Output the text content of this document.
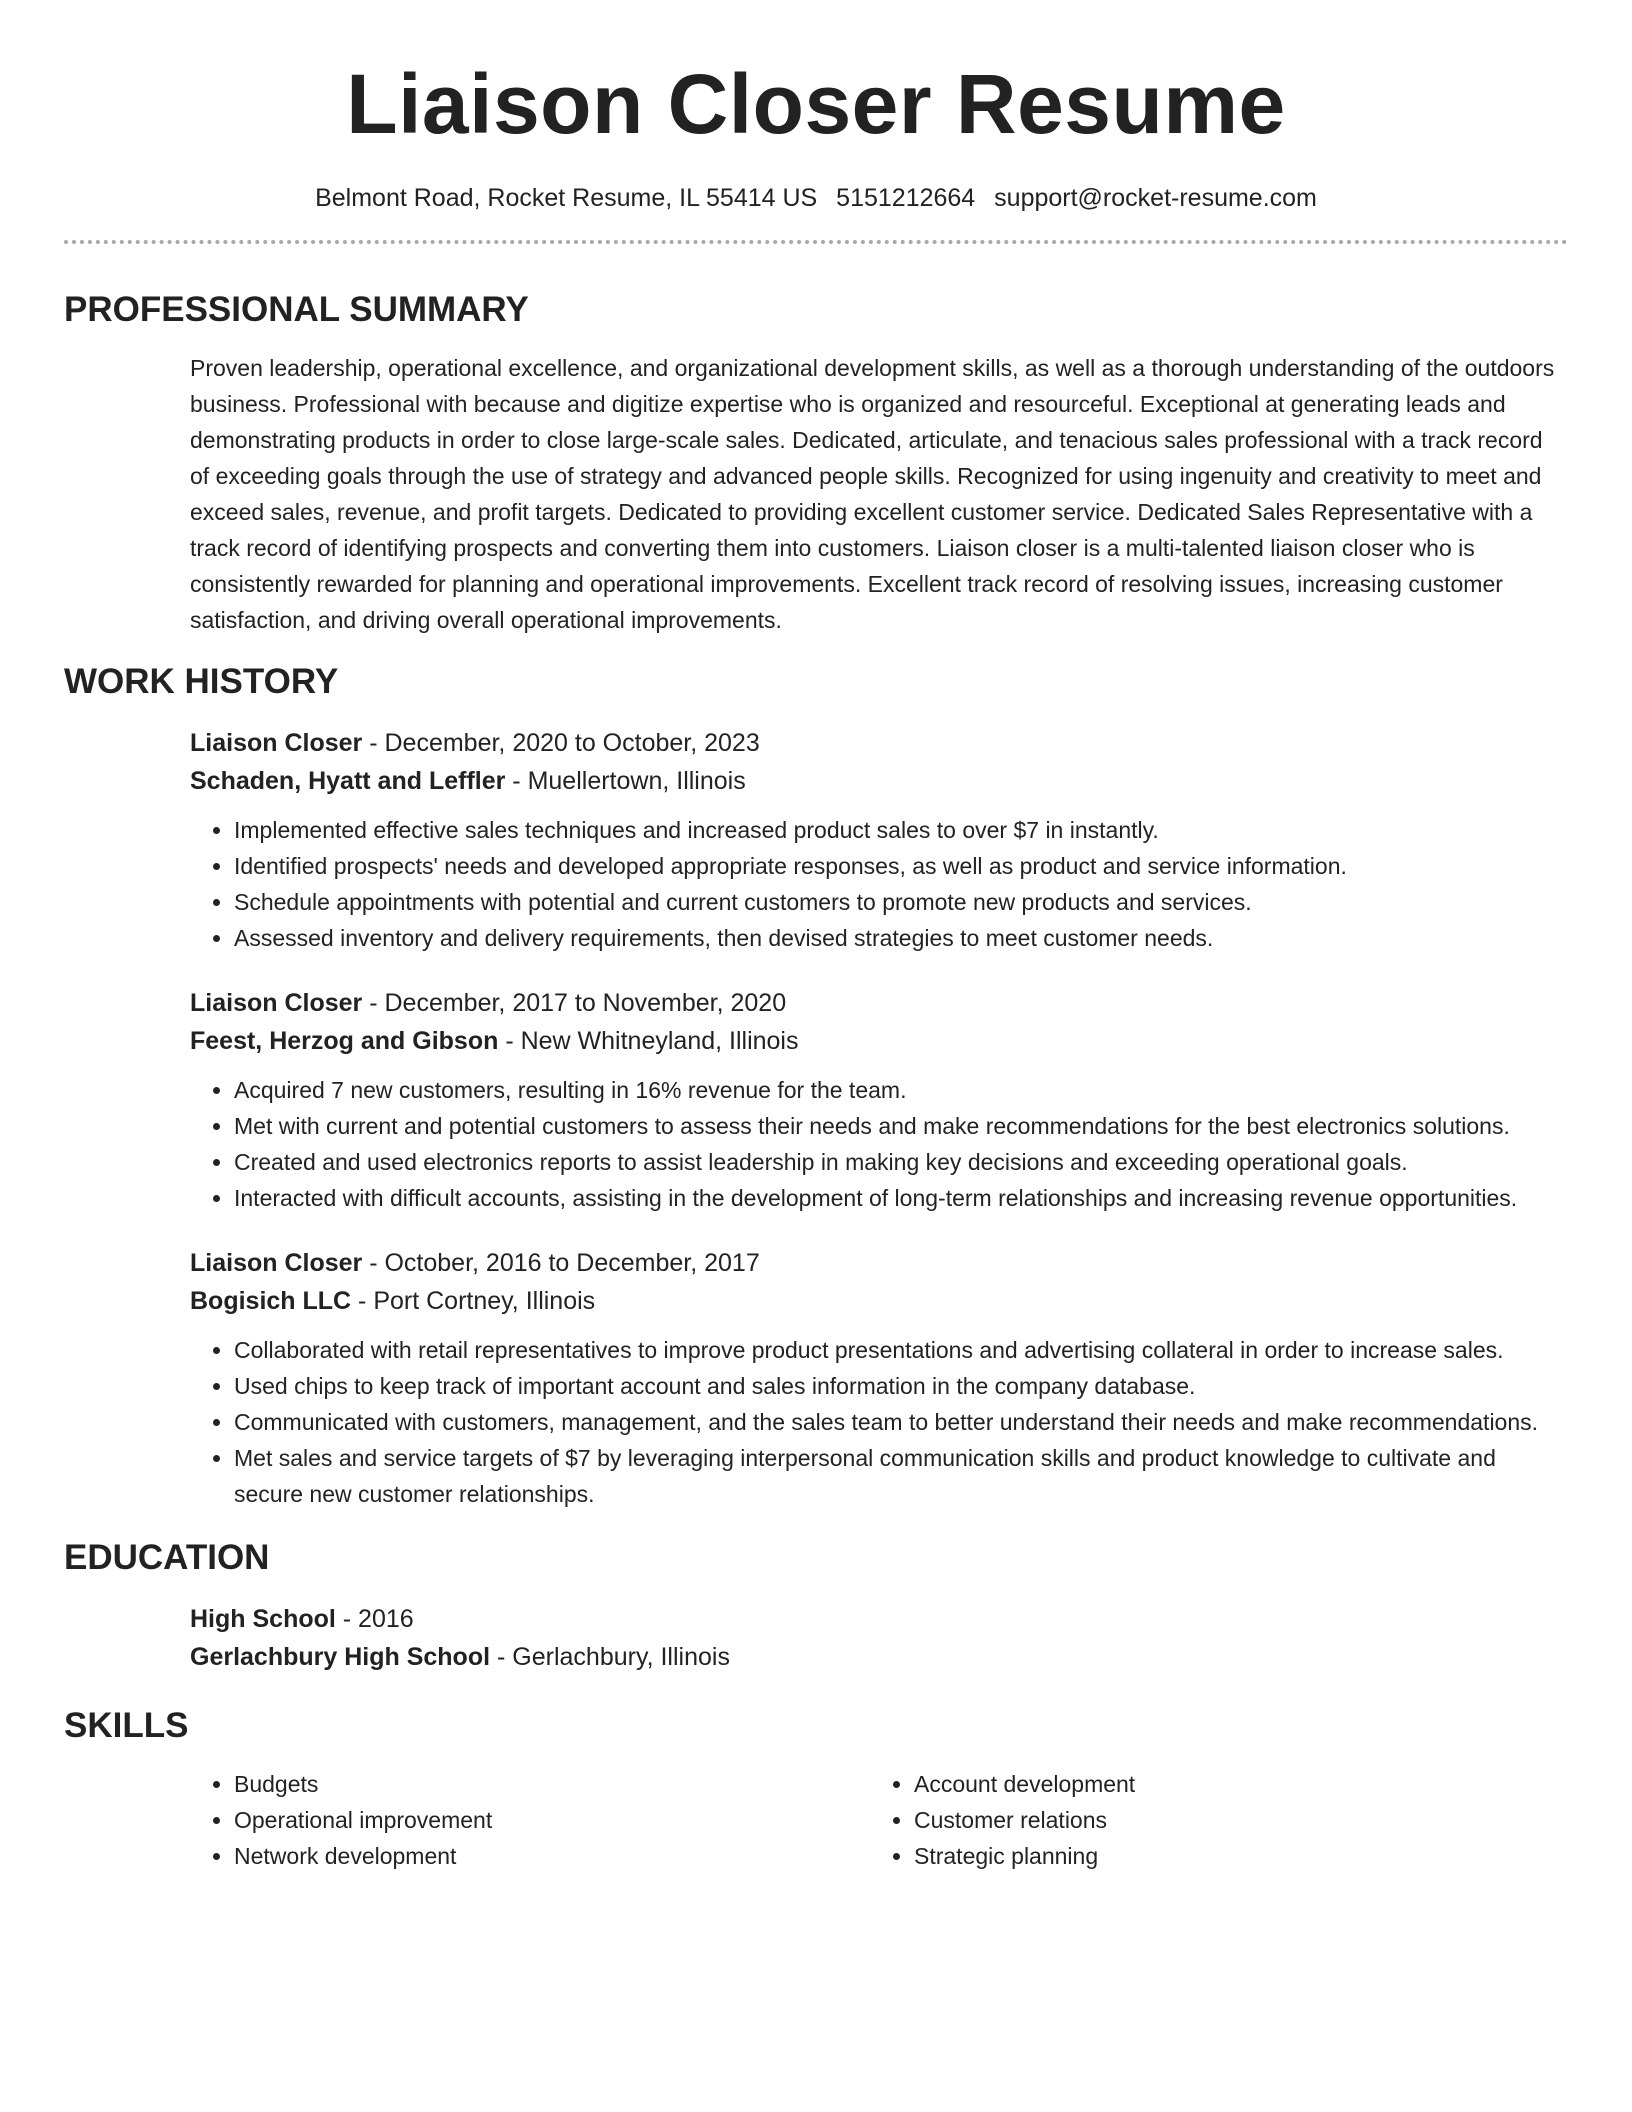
Liaison Closer Resume
Belmont Road, Rocket Resume, IL 55414 US 5151212664 support@rocket-resume.com
PROFESSIONAL SUMMARY

Proven leadership, operational excellence, and organizational development skills, as well as a thorough understanding of the outdoors business. Professional with because and digitize expertise who is organized and resourceful. Exceptional at generating leads and demonstrating products in order to close large-scale sales. Dedicated, articulate, and tenacious sales professional with a track record of exceeding goals through the use of strategy and advanced people skills. Recognized for using ingenuity and creativity to meet and exceed sales, revenue, and profit targets. Dedicated to providing excellent customer service. Dedicated Sales Representative with a track record of identifying prospects and converting them into customers. Liaison closer is a multi-talented liaison closer who is consistently rewarded for planning and operational improvements. Excellent track record of resolving issues, increasing customer satisfaction, and driving overall operational improvements.

WORK HISTORY
Liaison Closer - December, 2020 to October, 2023
Schaden, Hyatt and Leffler - Muellertown, Illinois
• Implemented effective sales techniques and increased product sales to over $7 in instantly.
• Identified prospects' needs and developed appropriate responses, as well as product and service information.
• Schedule appointments with potential and current customers to promote new products and services.
• Assessed inventory and delivery requirements, then devised strategies to meet customer needs.
Liaison Closer - December, 2017 to November, 2020
Feest, Herzog and Gibson - New Whitneyland, Illinois
• Acquired 7 new customers, resulting in 16% revenue for the team.
• Met with current and potential customers to assess their needs and make recommendations for the best electronics solutions.
• Created and used electronics reports to assist leadership in making key decisions and exceeding operational goals.
• Interacted with difficult accounts, assisting in the development of long-term relationships and increasing revenue opportunities.
Liaison Closer - October, 2016 to December, 2017
Bogisich LLC - Port Cortney, Illinois
• Collaborated with retail representatives to improve product presentations and advertising collateral in order to increase sales.
• Used chips to keep track of important account and sales information in the company database.
• Communicated with customers, management, and the sales team to better understand their needs and make recommendations.
• Met sales and service targets of $7 by leveraging interpersonal communication skills and product knowledge to cultivate and secure new customer relationships.
EDUCATION
High School - 2016
Gerlachbury High School - Gerlachbury, Illinois
SKILLS
• Budgets
• Operational improvement
• Network development
• Account development
• Customer relations
• Strategic planning
